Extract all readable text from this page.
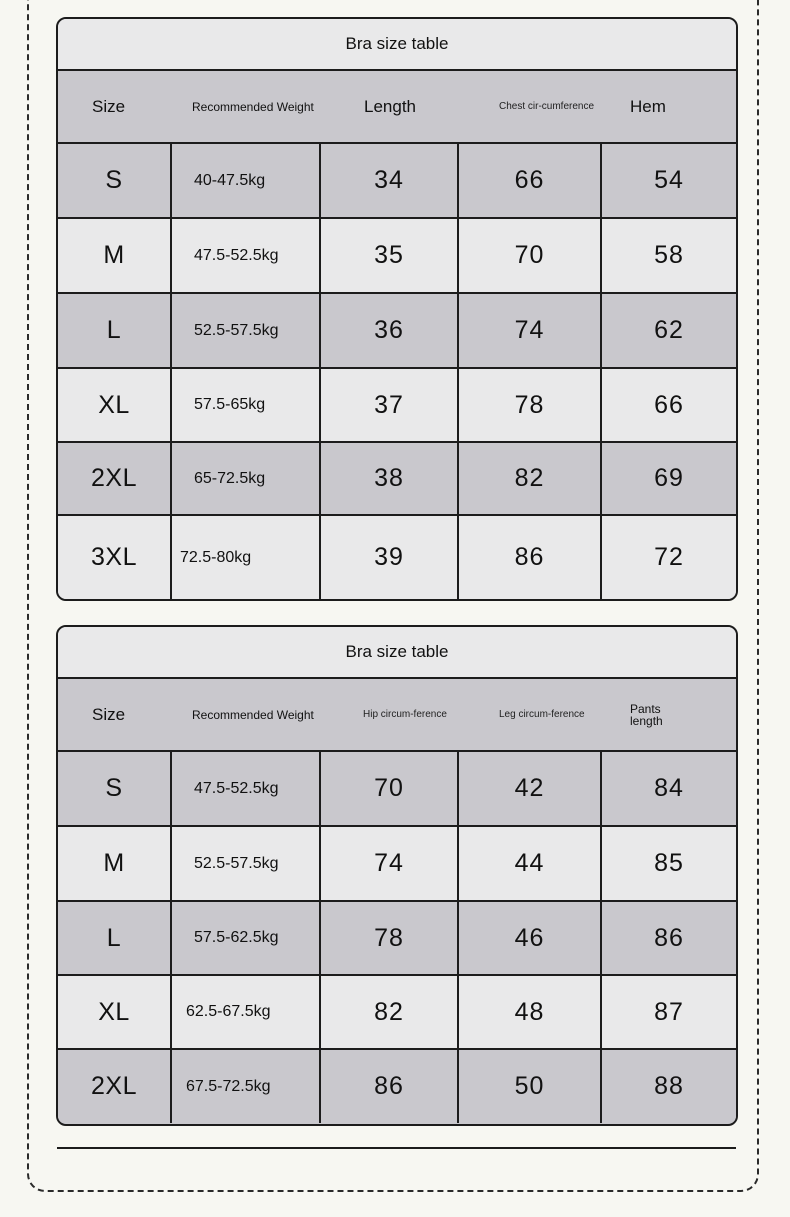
Bra size table
Size	Recommended Weight	Length	Chest cir-cumference	Hem
S	40-47.5kg	34	66	54
M	47.5-52.5kg	35	70	58
L	52.5-57.5kg	36	74	62
XL	57.5-65kg	37	78	66
2XL	65-72.5kg	38	82	69
3XL	72.5-80kg	39	86	72
Bra size table
Size	Recommended Weight	Hip circum-ference	Leg circum-ference	Pants length
S	47.5-52.5kg	70	42	84
M	52.5-57.5kg	74	44	85
L	57.5-62.5kg	78	46	86
XL	62.5-67.5kg	82	48	87
2XL	67.5-72.5kg	86	50	88
